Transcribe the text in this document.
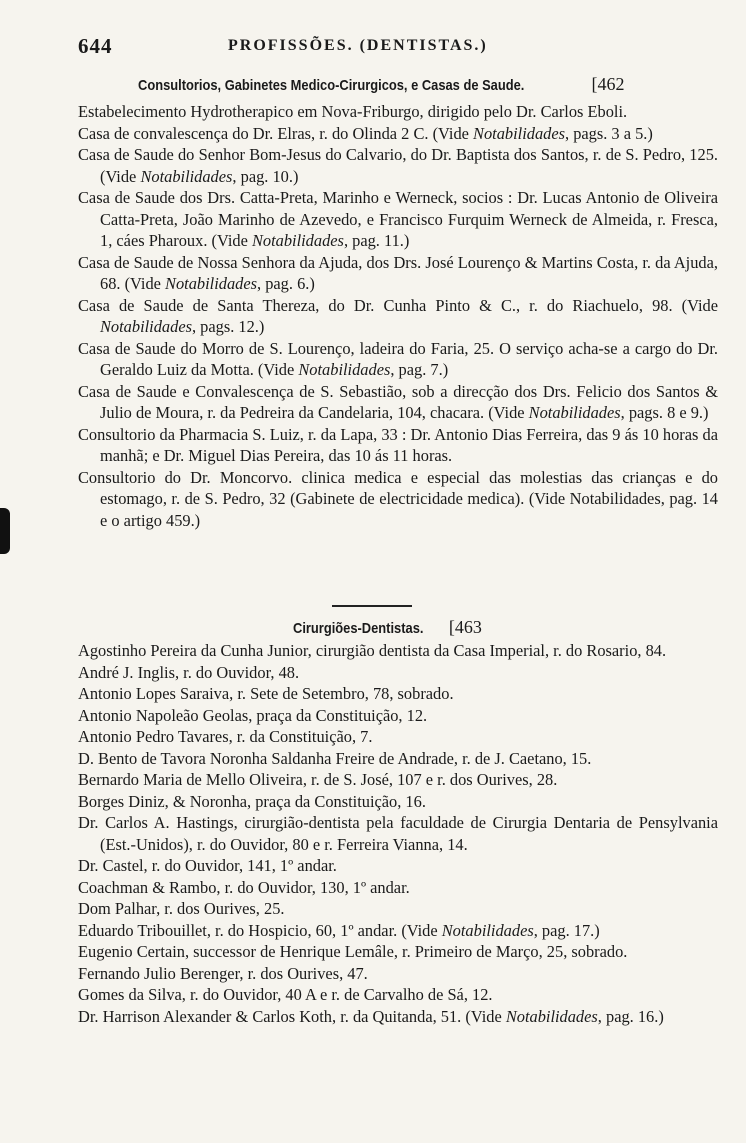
644	PROFISSÕES. (DENTISTAS.)
Consultorios, Gabinetes Medico-Cirurgicos, e Casas de Saude.	[462

Estabelecimento Hydrotherapico em Nova-Friburgo, dirigido pelo Dr. Carlos Eboli.

Casa de convalescença do Dr. Elras, r. do Olinda 2 C. (Vide Notabilidades, pags. 3 a 5.)

Casa de Saude do Senhor Bom-Jesus do Calvario, do Dr. Baptista dos Santos, r. de S. Pedro, 125. (Vide Notabilidades, pag. 10.)

Casa de Saude dos Drs. Catta-Preta, Marinho e Werneck, socios : Dr. Lucas Antonio de Oliveira Catta-Preta, João Marinho de Azevedo, e Francisco Furquim Werneck de Almeida, r. Fresca, 1, cáes Pharoux. (Vide Notabilidades, pag. 11.)

Casa de Saude de Nossa Senhora da Ajuda, dos Drs. José Lourenço & Martins Costa, r. da Ajuda, 68. (Vide Notabilidades, pag. 6.)

Casa de Saude de Santa Thereza, do Dr. Cunha Pinto & C., r. do Riachuelo, 98. (Vide Notabilidades, pags. 12.)

Casa de Saude do Morro de S. Lourenço, ladeira do Faria, 25. O serviço acha-se a cargo do Dr. Geraldo Luiz da Motta. (Vide Notabilidades, pag. 7.)

Casa de Saude e Convalescença de S. Sebastião, sob a direcção dos Drs. Felicio dos Santos & Julio de Moura, r. da Pedreira da Candelaria, 104, chacara. (Vide Notabilidades, pags. 8 e 9.)

Consultorio da Pharmacia S. Luiz, r. da Lapa, 33 : Dr. Antonio Dias Ferreira, das 9 ás 10 horas da manhã; e Dr. Miguel Dias Pereira, das 10 ás 11 horas.

Consultorio do Dr. Moncorvo. clinica medica e especial das molestias das crianças e do estomago, r. de S. Pedro, 32 (Gabinete de electricidade medica). (Vide Notabilidades, pag. 14 e o artigo 459.)

Cirurgiões-Dentistas. [463

Agostinho Pereira da Cunha Junior, cirurgião dentista da Casa Imperial, r. do Rosario, 84.

André J. Inglis, r. do Ouvidor, 48.

Antonio Lopes Saraiva, r. Sete de Setembro, 78, sobrado.

Antonio Napoleão Geolas, praça da Constituição, 12.

Antonio Pedro Tavares, r. da Constituição, 7.

D. Bento de Tavora Noronha Saldanha Freire de Andrade, r. de J. Caetano, 15.

Bernardo Maria de Mello Oliveira, r. de S. José, 107 e r. dos Ourives, 28.

Borges Diniz, & Noronha, praça da Constituição, 16.

Dr. Carlos A. Hastings, cirurgião-dentista pela faculdade de Cirurgia Dentaria de Pensylvania (Est.-Unidos), r. do Ouvidor, 80 e r. Ferreira Vianna, 14.

Dr. Castel, r. do Ouvidor, 141, 1º andar.

Coachman & Rambo, r. do Ouvidor, 130, 1º andar.

Dom Palhar, r. dos Ourives, 25.

Eduardo Tribouillet, r. do Hospicio, 60, 1º andar. (Vide Notabilidades, pag. 17.)

Eugenio Certain, successor de Henrique Lemâle, r. Primeiro de Março, 25, sobrado.

Fernando Julio Berenger, r. dos Ourives, 47.

Gomes da Silva, r. do Ouvidor, 40 A e r. de Carvalho de Sá, 12.

Dr. Harrison Alexander & Carlos Koth, r. da Quitanda, 51. (Vide Notabilidades, pag. 16.)
